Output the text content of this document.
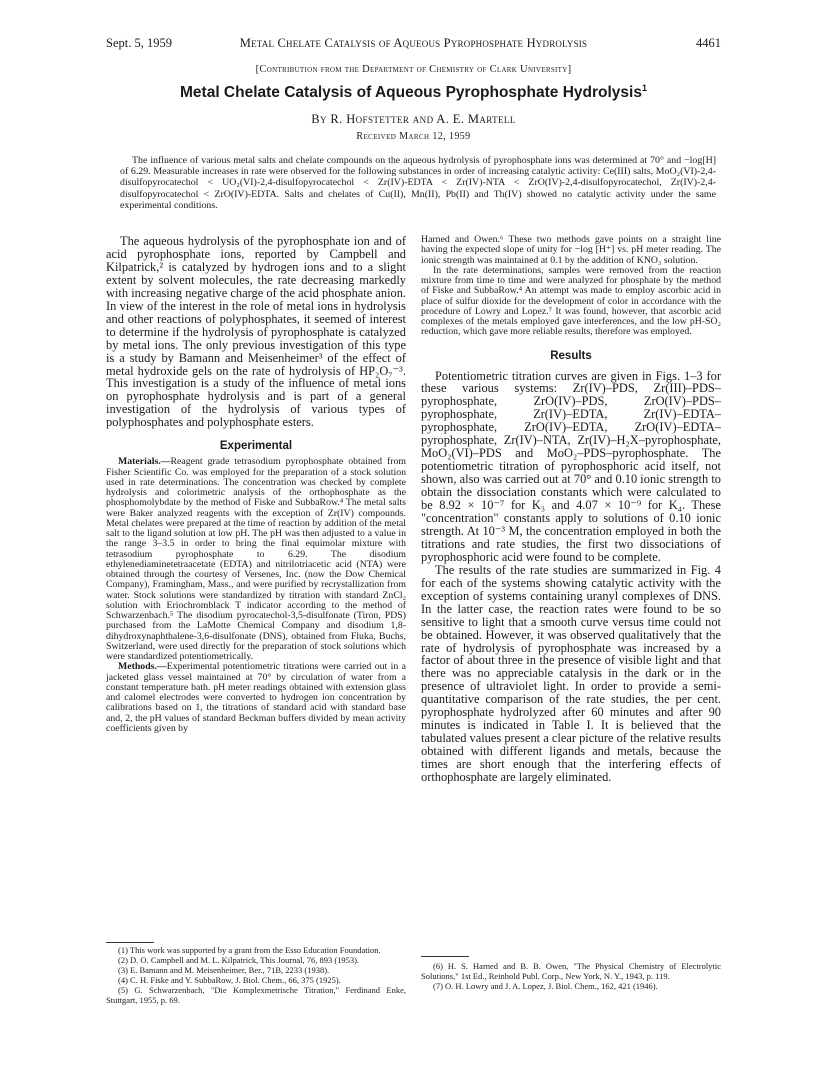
Sept. 5, 1959	Metal Chelate Catalysis of Aqueous Pyrophosphate Hydrolysis	4461
[Contribution from the Department of Chemistry of Clark University]
Metal Chelate Catalysis of Aqueous Pyrophosphate Hydrolysis$^1$
By R. Hofstetter and A. E. Martell
Received March 12, 1959
The influence of various metal salts and chelate compounds on the aqueous hydrolysis of pyrophosphate ions was determined at 70° and −log[H] of 6.29. Measurable increases in rate were observed for the following substances in order of increasing catalytic activity: Ce(III) salts, MoO₂(VI)-2,4-disulfopyrocatechol < UO₂(VI)-2,4-disulfopyrocatechol < Zr(IV)-EDTA < Zr(IV)-NTA < ZrO(IV)-2,4-disulfopyrocatechol, Zr(IV)-2,4-disulfopyrocatechol < ZrO(IV)-EDTA. Salts and chelates of Cu(II), Mn(II), Pb(II) and Th(IV) showed no catalytic activity under the same experimental conditions.

The aqueous hydrolysis of the pyrophosphate ion and of acid pyrophosphate ions, reported by Campbell and Kilpatrick,² is catalyzed by hydrogen ions and to a slight extent by solvent molecules, the rate decreasing markedly with increasing negative charge of the acid phosphate anion. In view of the interest in the role of metal ions in hydrolysis and other reactions of polyphosphates, it seemed of interest to determine if the hydrolysis of pyrophosphate is catalyzed by metal ions. The only previous investigation of this type is a study by Bamann and Meisenheimer³ of the effect of metal hydroxide gels on the rate of hydrolysis of HP₂O₇⁻³. This investigation is a study of the influence of metal ions on pyrophosphate hydrolysis and is part of a general investigation of the hydrolysis of various types of polyphosphates and polyphosphate esters.

Experimental

Materials.—Reagent grade tetrasodium pyrophosphate obtained from Fisher Scientific Co. was employed for the preparation of a stock solution used in rate determinations. The concentration was checked by complete hydrolysis and colorimetric analysis of the orthophosphate as the phosphomolybdate by the method of Fiske and SubbaRow.⁴ The metal salts were Baker analyzed reagents with the exception of Zr(IV) compounds. Metal chelates were prepared at the time of reaction by addition of the metal salt to the ligand solution at low pH. The pH was then adjusted to a value in the range 3–3.5 in order to bring the final equimolar mixture with tetrasodium pyrophosphate to 6.29. The disodium ethylenediaminetetraacetate (EDTA) and nitrilotriacetic acid (NTA) were obtained through the courtesy of Versenes, Inc. (now the Dow Chemical Company), Framingham, Mass., and were purified by recrystallization from water. Stock solutions were standardized by titration with standard ZnCl₂ solution with Eriochromblack T indicator according to the method of Schwarzenbach.⁵ The disodium pyrocatechol-3,5-disulfonate (Tiron, PDS) purchased from the LaMotte Chemical Company and disodium 1,8-dihydroxynaphthalene-3,6-disulfonate (DNS), obtained from Fluka, Buchs, Switzerland, were used directly for the preparation of stock solutions which were standardized potentiometrically.

Methods.—Experimental potentiometric titrations were carried out in a jacketed glass vessel maintained at 70° by circulation of water from a constant temperature bath. pH meter readings obtained with extension glass and calomel electrodes were converted to hydrogen ion concentration by calibrations based on 1, the titrations of standard acid with standard base and, 2, the pH values of standard Beckman buffers divided by mean activity coefficients given by

(1) This work was supported by a grant from the Esso Education Foundation.

(2) D. O. Campbell and M. L. Kilpatrick, This Journal, 76, 893 (1953).

(3) E. Bamann and M. Meisenheimer, Ber., 71B, 2233 (1938).

(4) C. H. Fiske and Y. SubbaRow, J. Biol. Chem., 66, 375 (1925).

(5) G. Schwarzenbach, "Die Komplexmetrische Titration," Ferdinand Enke, Stuttgart, 1955, p. 69.

Harned and Owen.⁶ These two methods gave points on a straight line having the expected slope of unity for −log [H⁺] vs. pH meter reading. The ionic strength was maintained at 0.1 by the addition of KNO₃ solution.

In the rate determinations, samples were removed from the reaction mixture from time to time and were analyzed for phosphate by the method of Fiske and SubbaRow.⁴ An attempt was made to employ ascorbic acid in place of sulfur dioxide for the development of color in accordance with the procedure of Lowry and Lopez.⁷ It was found, however, that ascorbic acid complexes of the metals employed gave interferences, and the low pH-SO₂ reduction, which gave more reliable results, therefore was employed.

Results

Potentiometric titration curves are given in Figs. 1–3 for these various systems: Zr(IV)–PDS, Zr(III)–PDS–pyrophosphate, ZrO(IV)–PDS, ZrO(IV)–PDS–pyrophosphate, Zr(IV)–EDTA, Zr(IV)–EDTA–pyrophosphate, ZrO(IV)–EDTA, ZrO(IV)–EDTA–pyrophosphate, Zr(IV)–NTA, Zr(IV)–H₂X–pyrophosphate, MoO₂(VI)–PDS and MoO₂–PDS–pyrophosphate. The potentiometric titration of pyrophosphoric acid itself, not shown, also was carried out at 70° and 0.10 ionic strength to obtain the dissociation constants which were calculated to be 8.92 × 10⁻⁷ for K₃ and 4.07 × 10⁻⁹ for K₄. These "concentration" constants apply to solutions of 0.10 ionic strength. At 10⁻³ M, the concentration employed in both the titrations and rate studies, the first two dissociations of pyrophosphoric acid were found to be complete.

The results of the rate studies are summarized in Fig. 4 for each of the systems showing catalytic activity with the exception of systems containing uranyl complexes of DNS. In the latter case, the reaction rates were found to be so sensitive to light that a smooth curve versus time could not be obtained. However, it was observed qualitatively that the rate of hydrolysis of pyrophosphate was increased by a factor of about three in the presence of visible light and that there was no appreciable catalysis in the dark or in the presence of ultraviolet light. In order to provide a semi-quantitative comparison of the rate studies, the per cent. pyrophosphate hydrolyzed after 60 minutes and after 90 minutes is indicated in Table I. It is believed that the tabulated values present a clear picture of the relative results obtained with different ligands and metals, because the times are short enough that the interfering effects of orthophosphate are largely eliminated.

(6) H. S. Harned and B. B. Owen, "The Physical Chemistry of Electrolytic Solutions," 1st Ed., Reinhold Publ. Corp., New York, N. Y., 1943, p. 119.

(7) O. H. Lowry and J. A. Lopez, J. Biol. Chem., 162, 421 (1946).
